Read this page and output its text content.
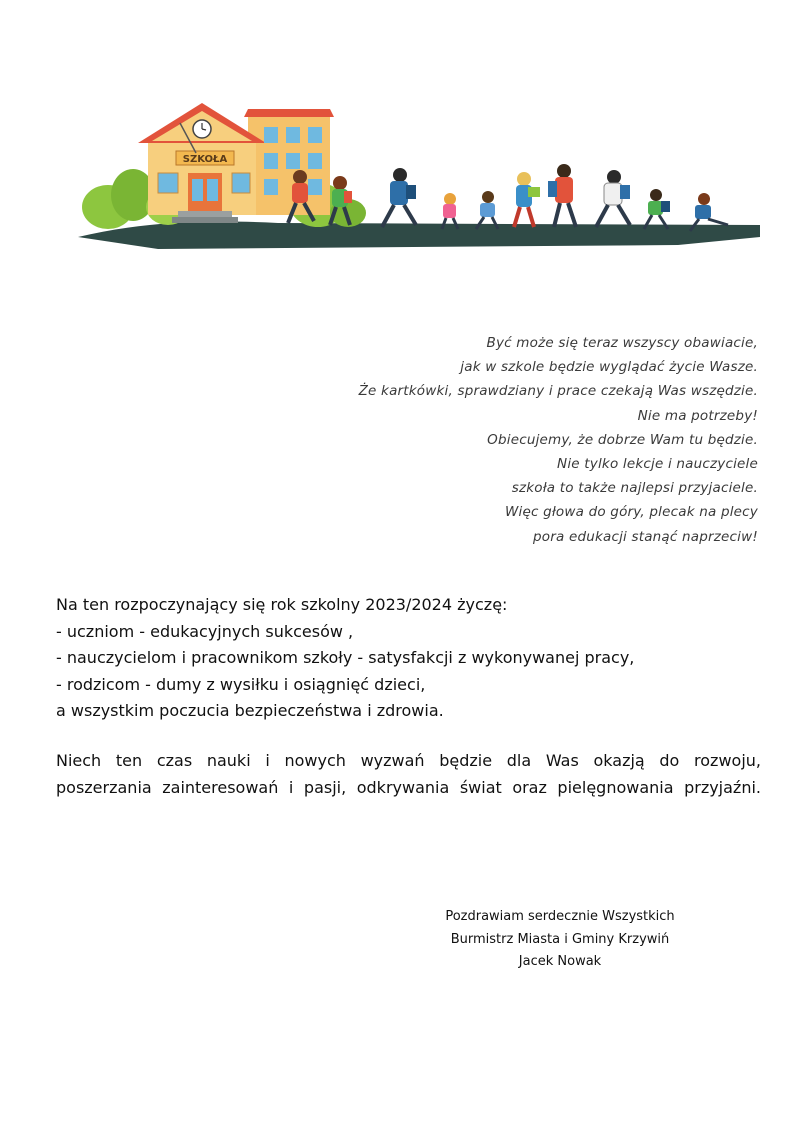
SZKOŁA
Być może się teraz wszyscy obawiacie,
jak w szkole będzie wyglądać życie Wasze.
Że kartkówki, sprawdziany i prace czekają Was wszędzie.
Nie ma potrzeby!
Obiecujemy, że dobrze Wam tu będzie.
Nie tylko lekcje i nauczyciele
szkoła to także najlepsi przyjaciele.
Więc głowa do góry, plecak na plecy
pora edukacji stanąć naprzeciw!
Na ten rozpoczynający się rok szkolny 2023/2024 życzę:
- uczniom - edukacyjnych sukcesów ,
- nauczycielom i pracownikom szkoły - satysfakcji z wykonywanej pracy,
- rodzicom - dumy z wysiłku i osiągnięć dzieci,
a wszystkim poczucia bezpieczeństwa i zdrowia.
Niech ten czas nauki i nowych wyzwań będzie dla Was okazją do rozwoju,
poszerzania zainteresowań i pasji, odkrywania świat oraz pielęgnowania przyjaźni.
Pozdrawiam serdecznie Wszystkich
Burmistrz Miasta i Gminy Krzywiń
Jacek Nowak
